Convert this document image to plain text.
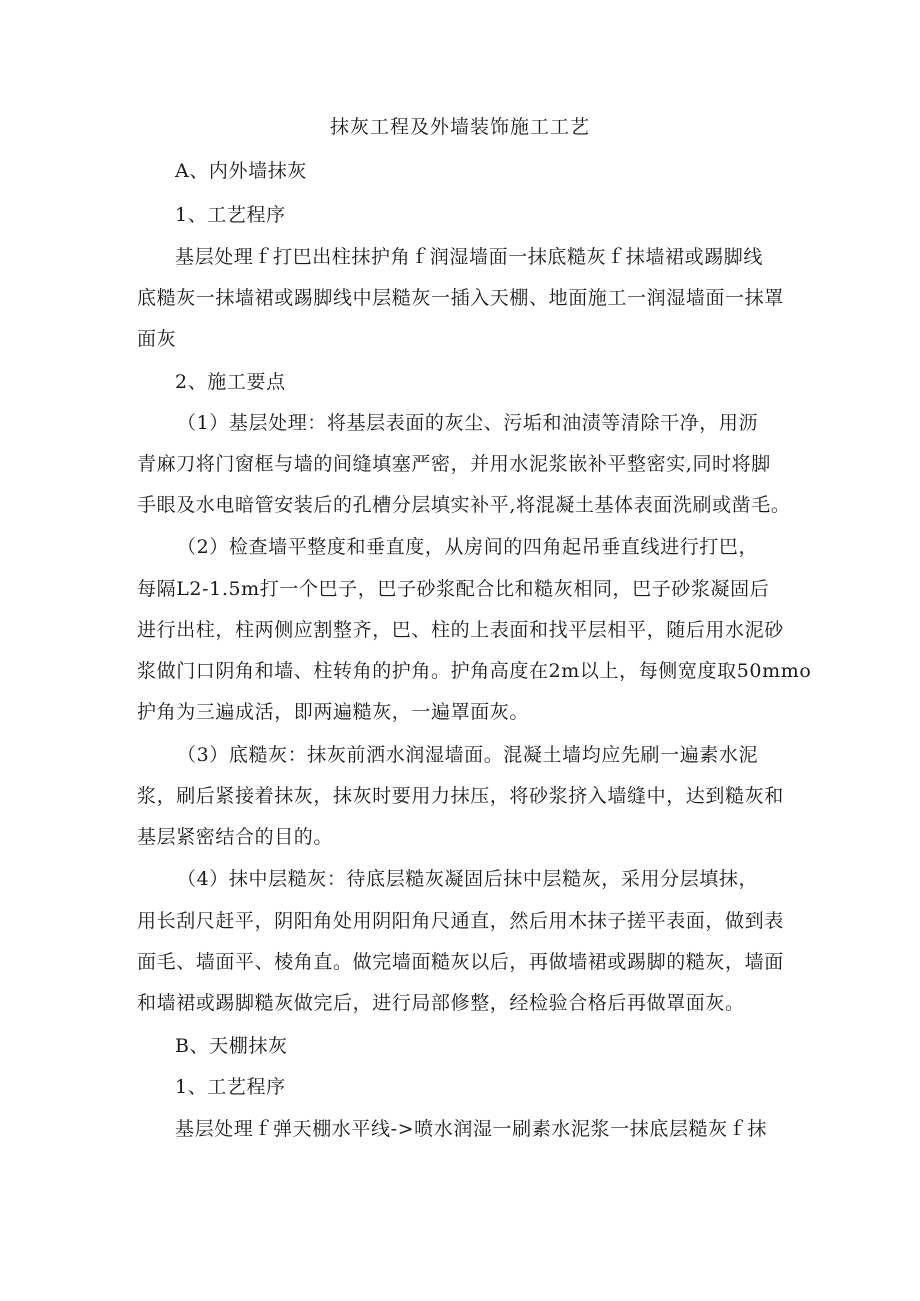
抹灰工程及外墙装饰施工工艺
A、内外墙抹灰
1、工艺程序
基层处理ｆ打巴出柱抹护角ｆ润湿墙面一抹底糙灰ｆ抹墙裙或踢脚线
底糙灰一抹墙裙或踢脚线中层糙灰一插入天棚、地面施工一润湿墙面一抹罩
面灰
2、施工要点
（1）基层处理：将基层表面的灰尘、污垢和油渍等清除干净，用沥
青麻刀将门窗框与墙的间缝填塞严密，并用水泥浆嵌补平整密实,同时将脚
手眼及水电暗管安装后的孔槽分层填实补平,将混凝土基体表面洗刷或凿毛。
（2）检查墙平整度和垂直度，从房间的四角起吊垂直线进行打巴，
每隔L2-1.5m打一个巴子，巴子砂浆配合比和糙灰相同，巴子砂浆凝固后
进行出柱，柱两侧应割整齐，巴、柱的上表面和找平层相平，随后用水泥砂
浆做门口阴角和墙、柱转角的护角。护角高度在2m以上，每侧宽度取50mmo
护角为三遍成活，即两遍糙灰，一遍罩面灰。
（3）底糙灰：抹灰前洒水润湿墙面。混凝土墙均应先刷一遍素水泥
浆，刷后紧接着抹灰，抹灰时要用力抹压，将砂浆挤入墙缝中，达到糙灰和
基层紧密结合的目的。
（4）抹中层糙灰：待底层糙灰凝固后抹中层糙灰，采用分层填抹，
用长刮尺赶平，阴阳角处用阴阳角尺通直，然后用木抹子搓平表面，做到表
面毛、墙面平、棱角直。做完墙面糙灰以后，再做墙裙或踢脚的糙灰，墙面
和墙裙或踢脚糙灰做完后，进行局部修整，经检验合格后再做罩面灰。
B、天棚抹灰
1、工艺程序
基层处理ｆ弹天棚水平线->喷水润湿一刷素水泥浆一抹底层糙灰ｆ抹
